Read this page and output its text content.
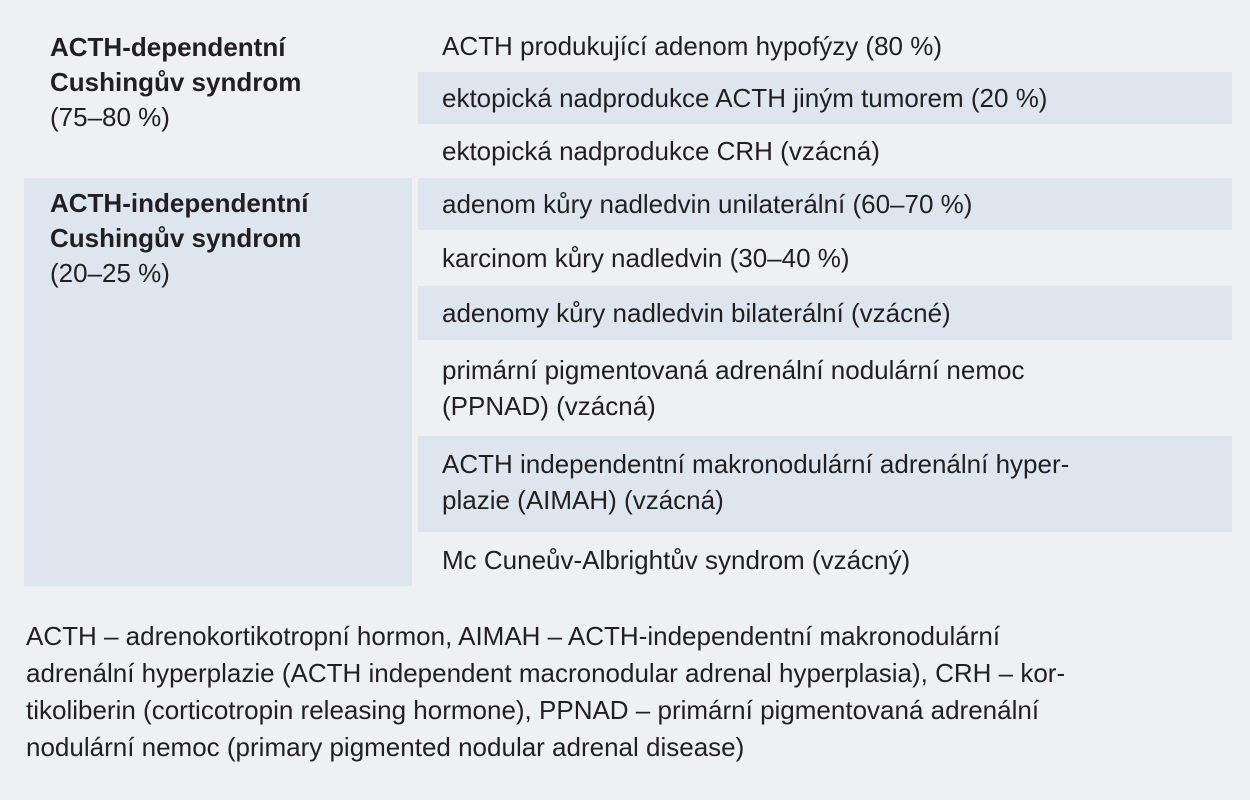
ACTH-dependentní
Cushingův syndrom
(75–80 %)
ACTH produkující adenom hypofýzy (80 %)
ektopická nadprodukce ACTH jiným tumorem (20 %)
ektopická nadprodukce CRH (vzácná)
ACTH-independentní
Cushingův syndrom
(20–25 %)
adenom kůry nadledvin unilaterální (60–70 %)
karcinom kůry nadledvin (30–40 %)
adenomy kůry nadledvin bilaterální (vzácné)
primární pigmentovaná adrenální nodulární nemoc
(PPNAD) (vzácná)
ACTH independentní makronodulární adrenální hyper-
plazie (AIMAH) (vzácná)
Mc Cuneův-Albrightův syndrom (vzácný)
ACTH – adrenokortikotropní hormon, AIMAH – ACTH-independentní makronodulární
adrenální hyperplazie (ACTH independent macronodular adrenal hyperplasia), CRH – kor-
tikoliberin (corticotropin releasing hormone), PPNAD – primární pigmentovaná adrenální
nodulární nemoc (primary pigmented nodular adrenal disease)
